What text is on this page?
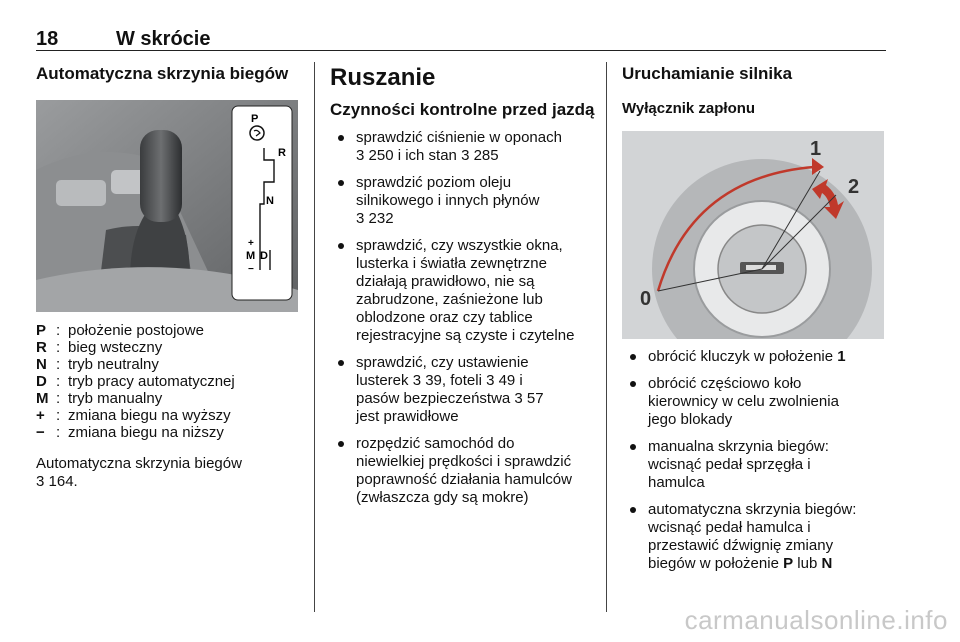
18	W skrócie
Automatyczna skrzynia biegów
P
R
N
+
M D
−
P : położenie postojowe
R : bieg wsteczny
N : tryb neutralny
D : tryb pracy automatycznej
M : tryb manualny
+ : zmiana biegu na wyższy
− : zmiana biegu na niższy
Automatyczna skrzynia biegów
3 164.
Ruszanie
Czynności kontrolne przed jazdą
sprawdzić ciśnienie w oponach
3 250 i ich stan 3 285
sprawdzić poziom oleju
silnikowego i innych płynów
3 232
sprawdzić, czy wszystkie okna,
lusterka i światła zewnętrzne
działają prawidłowo, nie są
zabrudzone, zaśnieżone lub
oblodzone oraz czy tablice
rejestracyjne są czyste i czytelne
sprawdzić, czy ustawienie
lusterek 3 39, foteli 3 49 i
pasów bezpieczeństwa 3 57
jest prawidłowe
rozpędzić samochód do
niewielkiej prędkości i sprawdzić
poprawność działania hamulców
(zwłaszcza gdy są mokre)
Uruchamianie silnika
Wyłącznik zapłonu
1
2
0
obrócić kluczyk w położenie 1
obrócić częściowo koło
kierownicy w celu zwolnienia
jego blokady
manualna skrzynia biegów:
wcisnąć pedał sprzęgła i
hamulca
automatyczna skrzynia biegów:
wcisnąć pedał hamulca i
przestawić dźwignię zmiany
biegów w położenie P lub N
carmanualsonline.info
